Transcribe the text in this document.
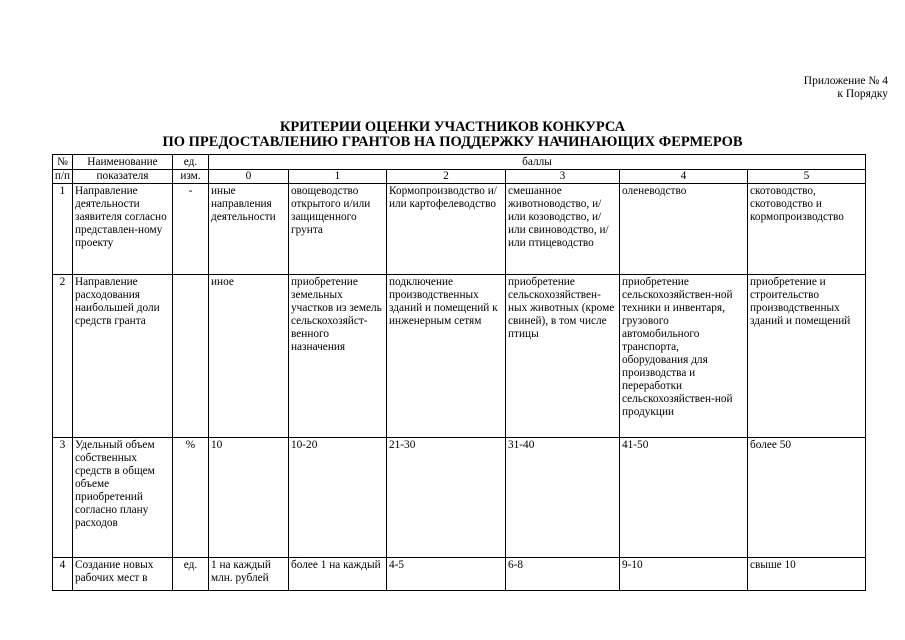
Приложение № 4
к Порядку
КРИТЕРИИ ОЦЕНКИ УЧАСТНИКОВ КОНКУРСА
ПО ПРЕДОСТАВЛЕНИЮ ГРАНТОВ НА ПОДДЕРЖКУ НАЧИНАЮЩИХ ФЕРМЕРОВ
№	Наименование	ед.	баллы					
п/п	показателя	изм.	0	1	2	3	4	5
1	Направление деятельности заявителя согласно представлен-ному проекту	-	иные направления деятельности	овощеводство открытого и/или защищенного грунта	Кормопроизводство и/или картофелеводство	смешанное животноводство, и/или козоводство, и/или свиноводство, и/или птицеводство	оленеводство	скотоводство, скотоводство и кормопроизводство
2	Направление расходования наибольшей доли средств гранта		иное	приобретение земельных участков из земель сельскохозяйст-венного назначения	подключение производственных зданий и помещений к инженерным сетям	приобретение сельскохозяйствен-ных животных (кроме свиней), в том числе птицы	приобретение сельскохозяйствен-ной техники и инвентаря, грузового автомобильного транспорта, оборудования для производства и переработки сельскохозяйствен-ной продукции	приобретение и строительство производственных зданий и помещений
3	Удельный объем собственных средств в общем объеме приобретений согласно плану расходов	%	10	10-20	21-30	31-40	41-50	более 50
4	Создание новых рабочих мест в	ед.	1 на каждый млн. рублей	более 1 на каждый	4-5	6-8	9-10	свыше 10
